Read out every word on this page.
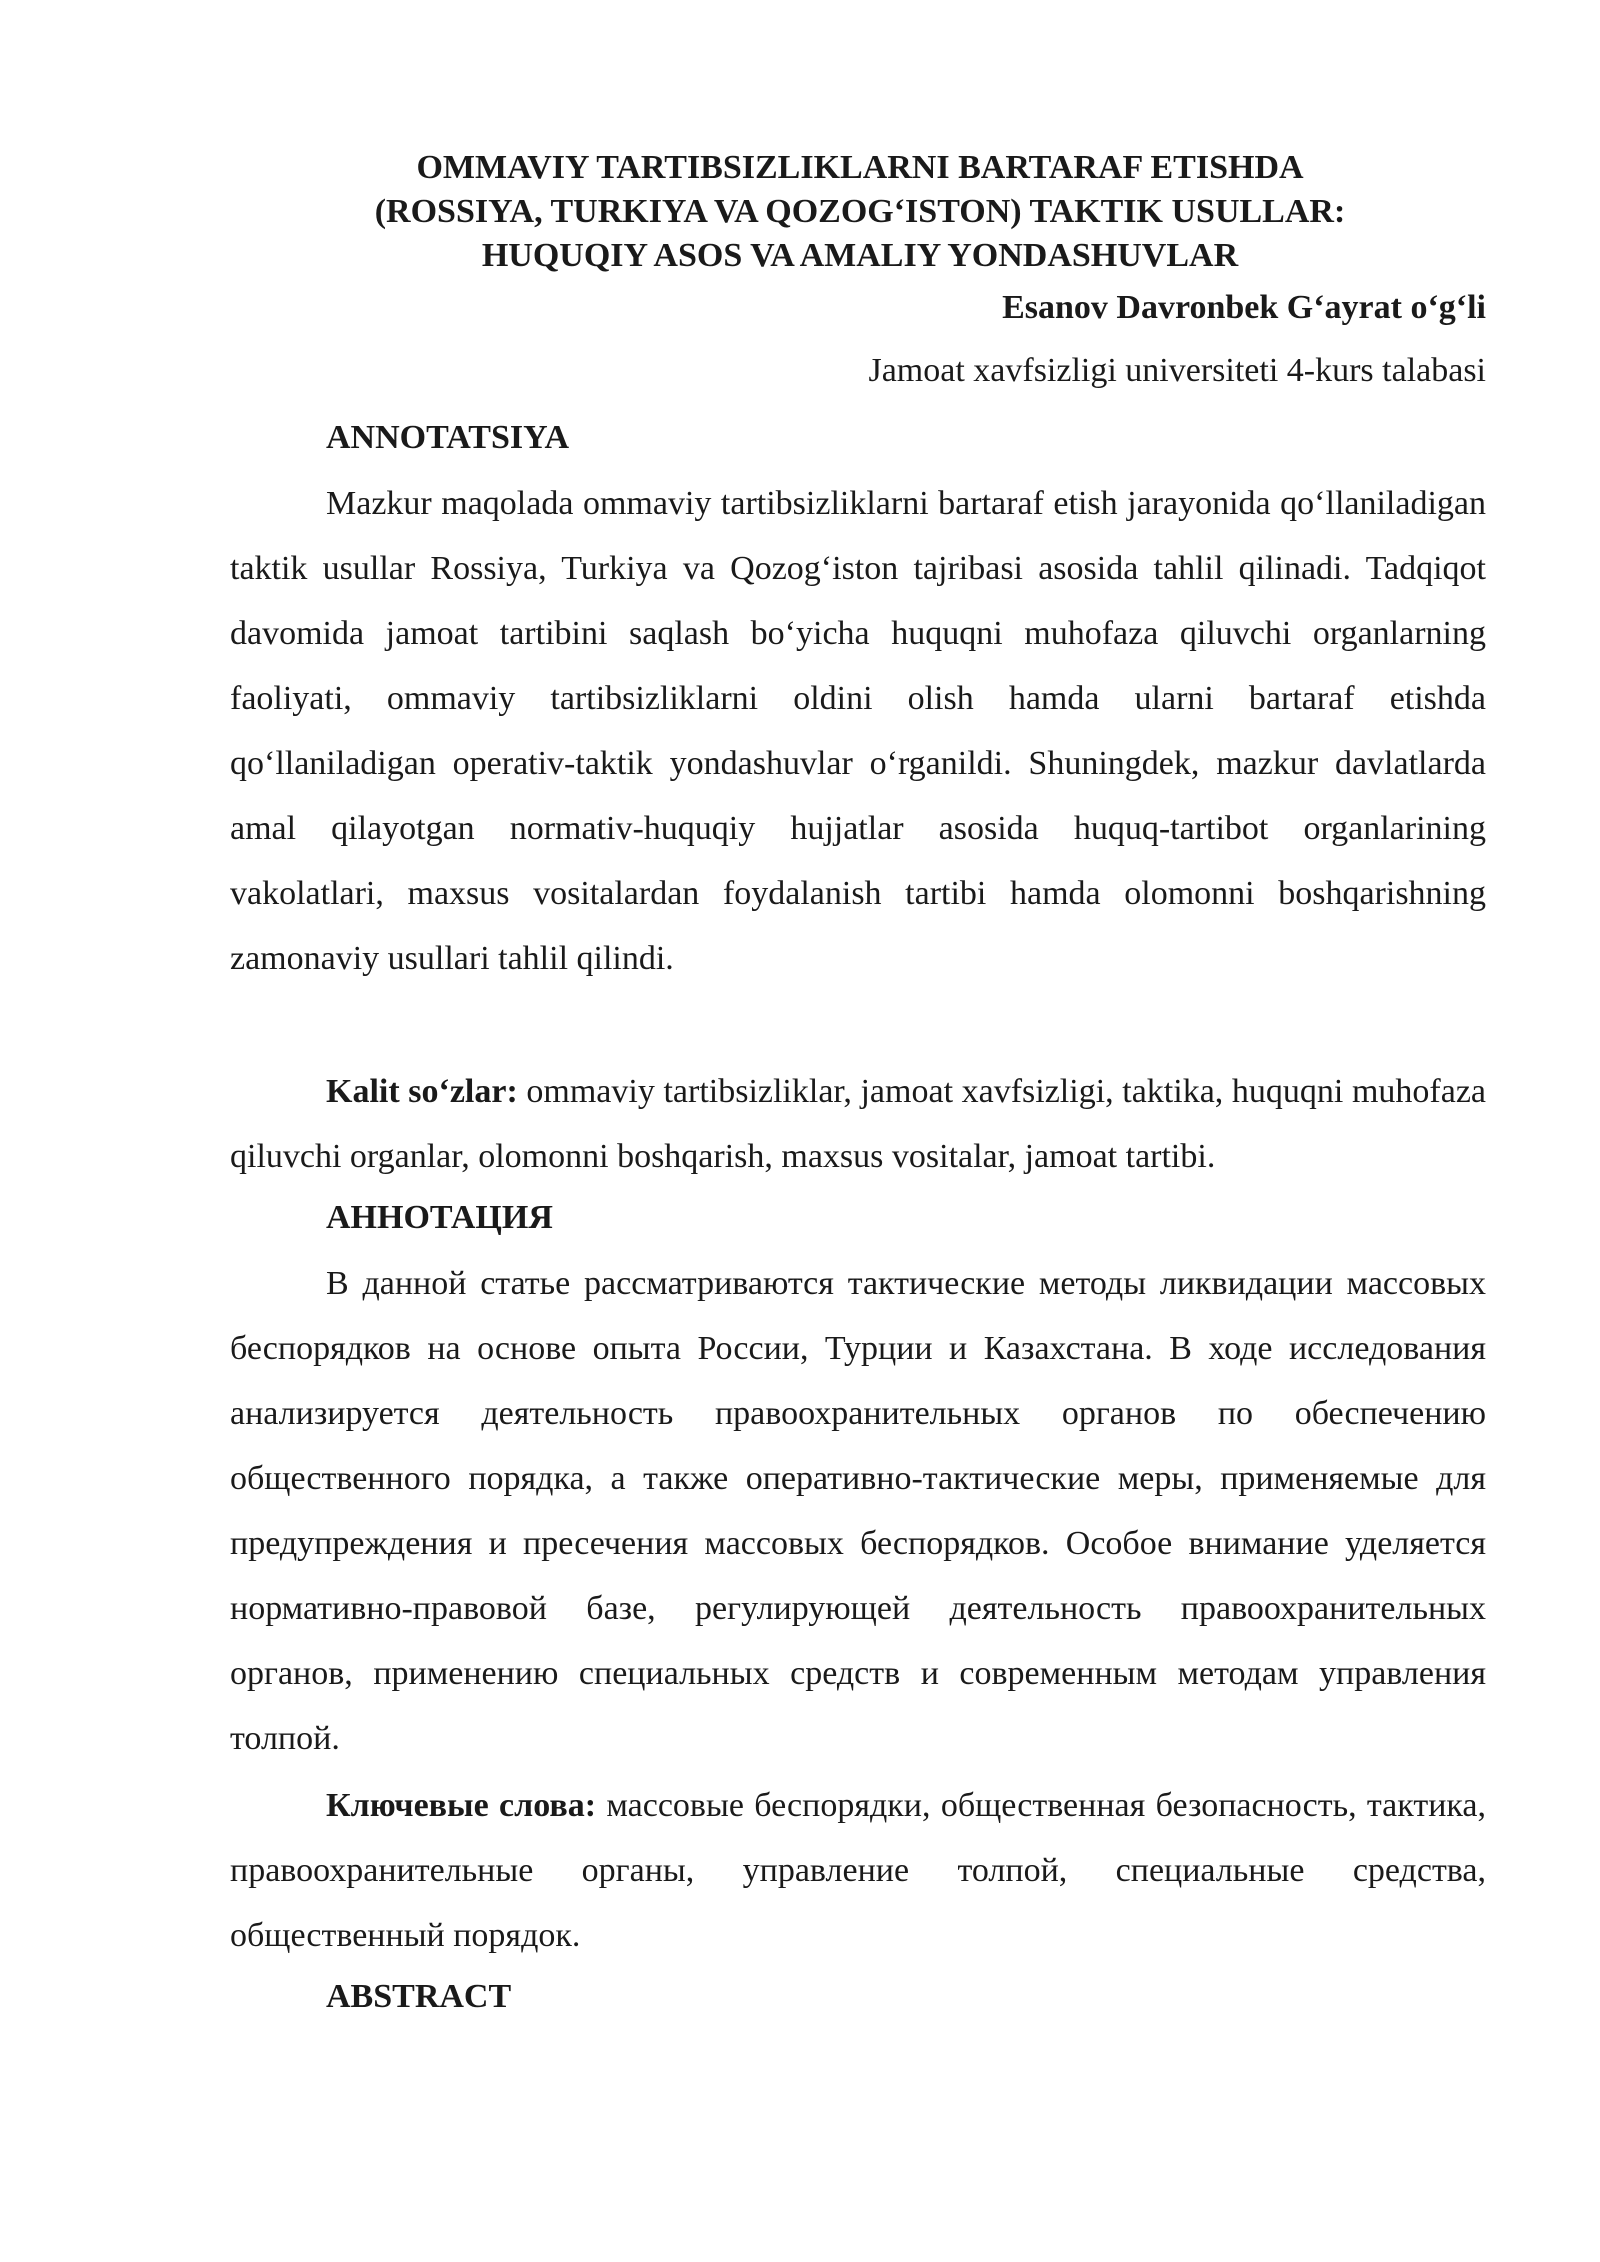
OMMAVIY TARTIBSIZLIKLARNI BARTARAF ETISHDA
(ROSSIYA, TURKIYA VA QOZOG‘ISTON) TAKTIK USULLAR:
HUQUQIY ASOS VA AMALIY YONDASHUVLAR

Esanov Davronbek G‘ayrat o‘g‘li

Jamoat xavfsizligi universiteti 4-kurs talabasi

ANNOTATSIYA

Mazkur maqolada ommaviy tartibsizliklarni bartaraf etish jarayonida qo‘llaniladigan taktik usullar Rossiya, Turkiya va Qozog‘iston tajribasi asosida tahlil qilinadi. Tadqiqot davomida jamoat tartibini saqlash bo‘yicha huquqni muhofaza qiluvchi organlarning faoliyati, ommaviy tartibsizliklarni oldini olish hamda ularni bartaraf etishda qo‘llaniladigan operativ-taktik yondashuvlar o‘rganildi. Shuningdek, mazkur davlatlarda amal qilayotgan normativ-huquqiy hujjatlar asosida huquq-tartibot organlarining vakolatlari, maxsus vositalardan foydalanish tartibi hamda olomonni boshqarishning zamonaviy usullari tahlil qilindi.

Kalit so‘zlar: ommaviy tartibsizliklar, jamoat xavfsizligi, taktika, huquqni muhofaza qiluvchi organlar, olomonni boshqarish, maxsus vositalar, jamoat tartibi.

АННОТАЦИЯ

В данной статье рассматриваются тактические методы ликвидации массовых беспорядков на основе опыта России, Турции и Казахстана. В ходе исследования анализируется деятельность правоохранительных органов по обеспечению общественного порядка, а также оперативно-тактические меры, применяемые для предупреждения и пресечения массовых беспорядков. Особое внимание уделяется нормативно-правовой базе, регулирующей деятельность правоохранительных органов, применению специальных средств и современным методам управления толпой.

Ключевые слова: массовые беспорядки, общественная безопасность, тактика, правоохранительные органы, управление толпой, специальные средства, общественный порядок.

ABSTRACT
